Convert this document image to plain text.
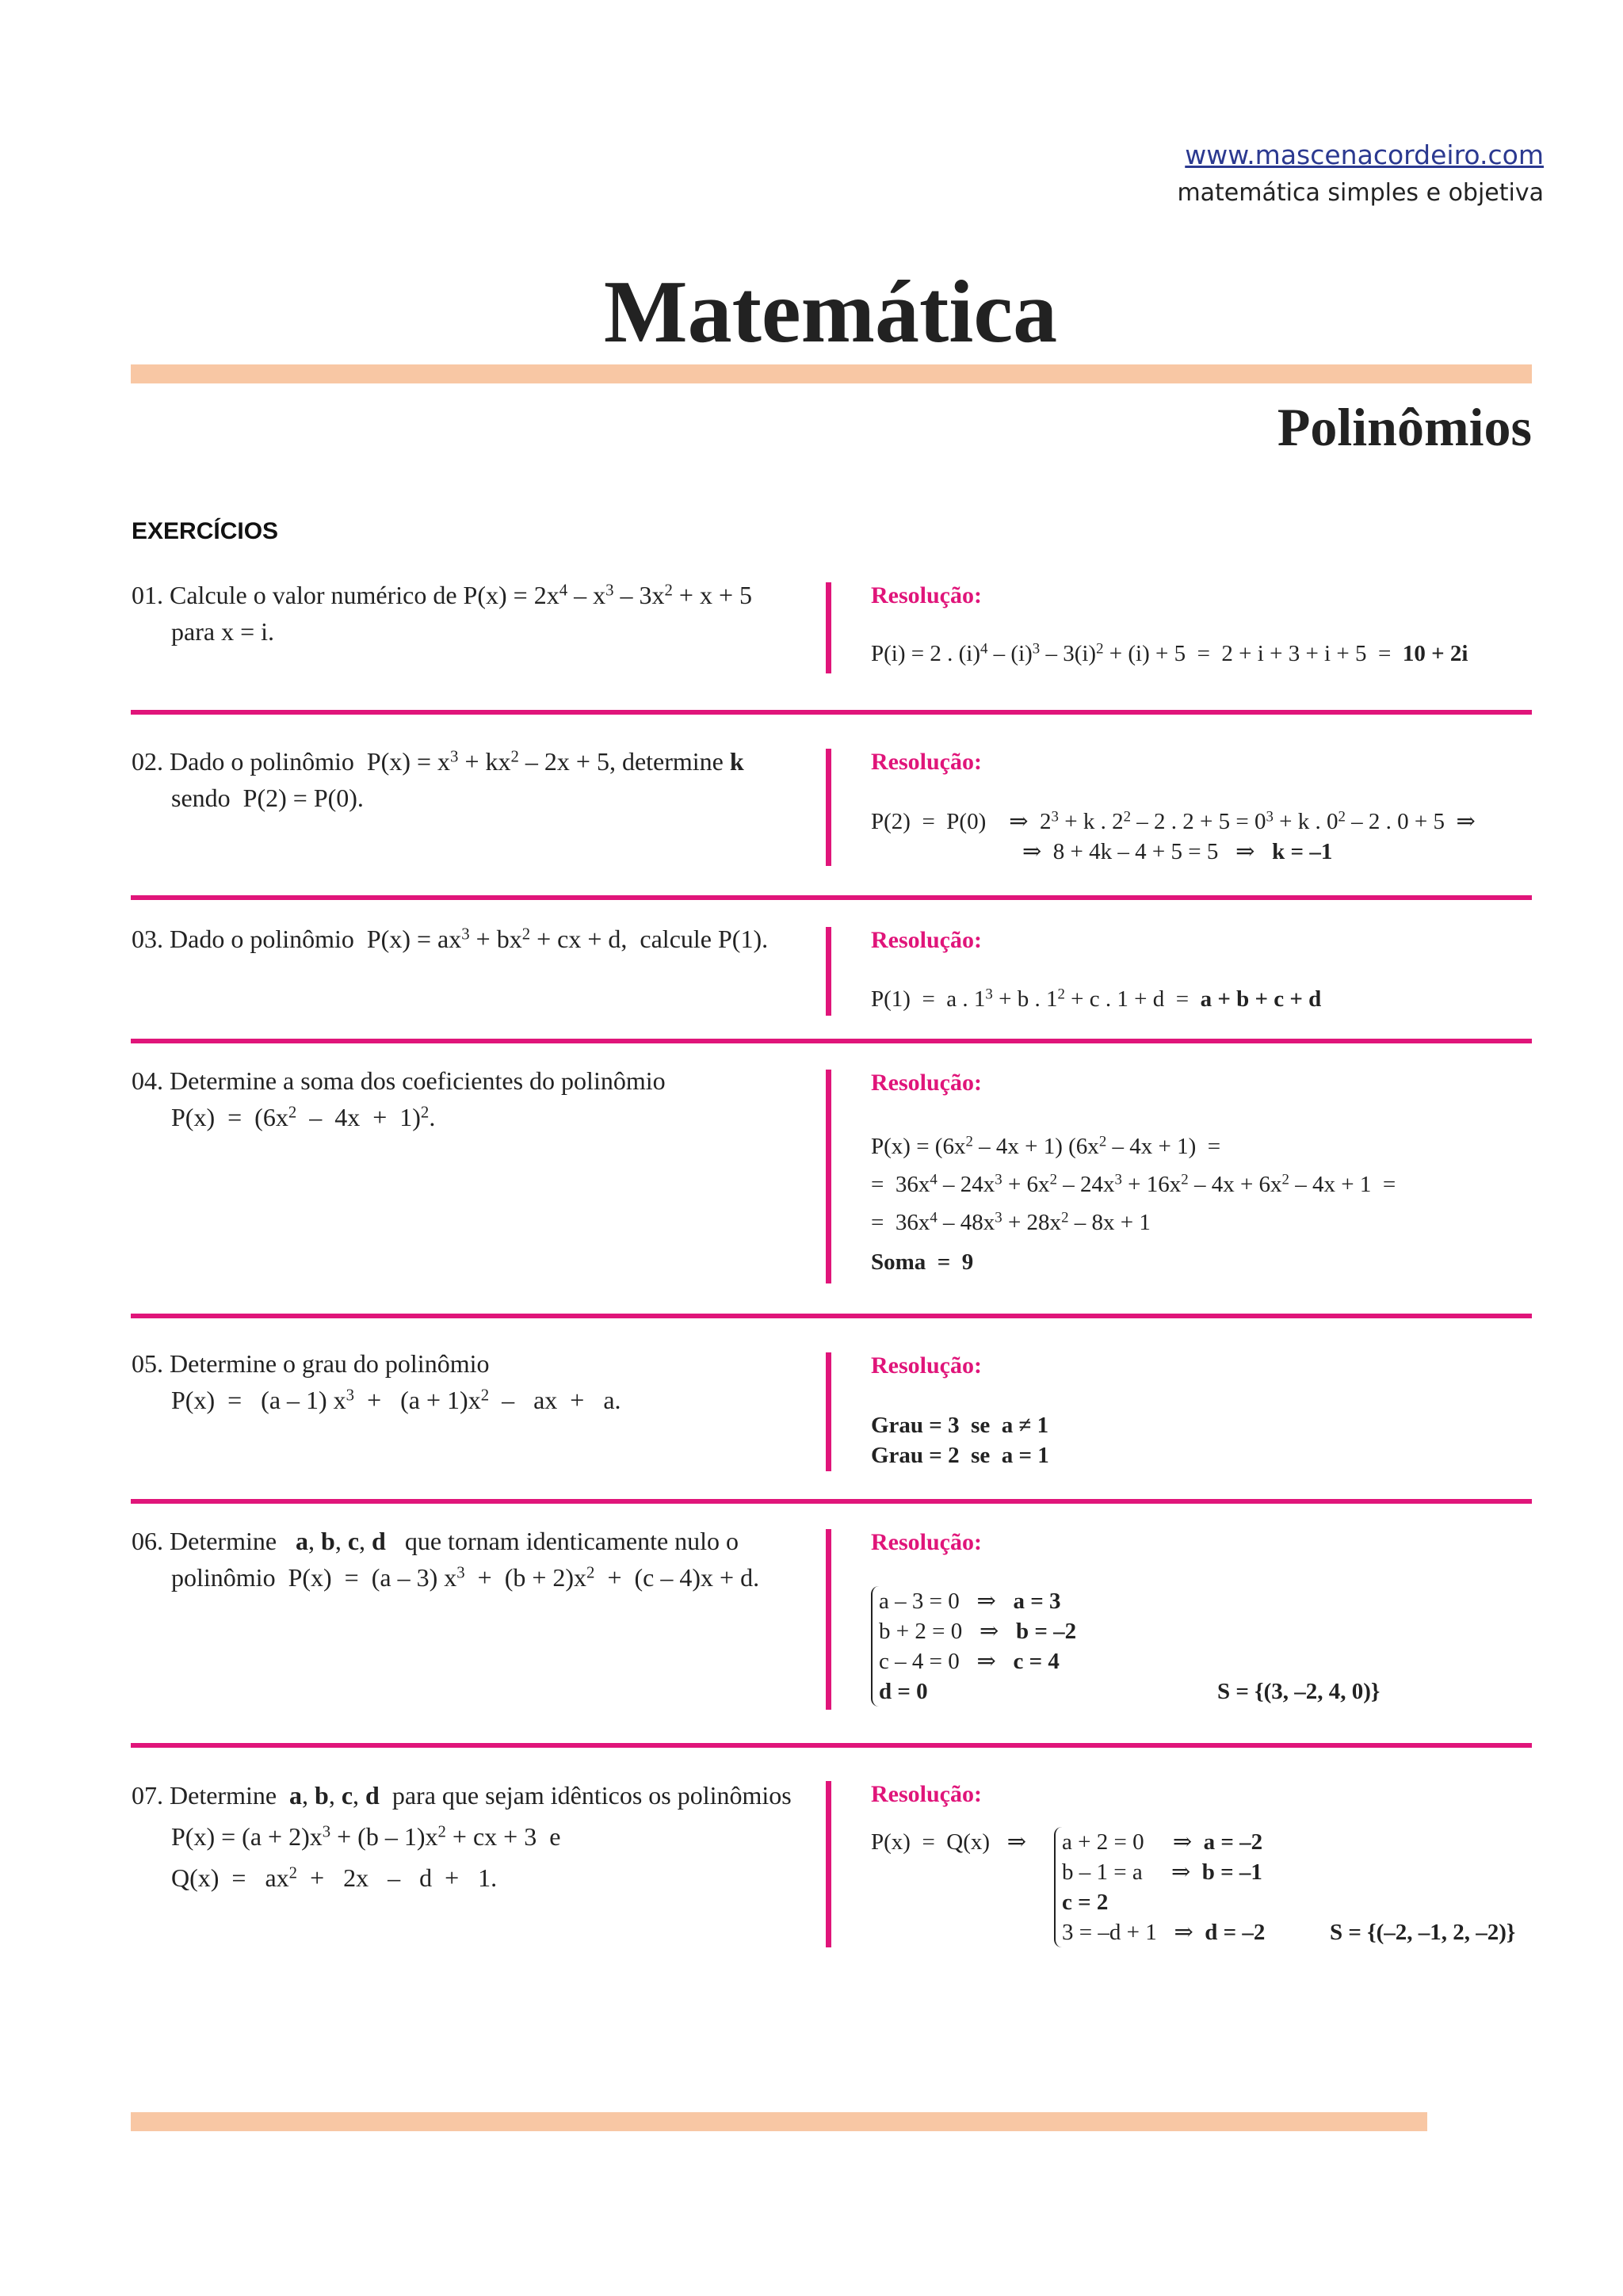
www.mascenacordeiro.com
matemática simples e objetiva
Matemática
Polinômios
EXERCÍCIOS
01. Calcule o valor numérico de $P(x) = 2x^4 - x^3 - 3x^2 + x + 5$
para x = i.
Resolução:
P(i) = 2 . $(i)^4 - (i)^3 - 3(i)^2 + (i) + 5 = 2 + i + 3 + i + 5 = 10 + 2i$
02. Dado o polinômio  $P(x) = x^3 + kx^2 - 2x + 5$, determine k
sendo  P(2) = P(0).
Resolução:
P(2)  =  P(0)    ⇒  $2^3 + k$ . $2^2 - 2$ . $2 + 5 = 0^3 + k$ . $0^2 - 2$ . 0 + 5  ⇒
⇒  8 + 4k – 4 + 5 = 5   ⇒   k = –1
03. Dado o polinômio  $P(x) = ax^3 + bx^2$ + cx + d,  calcule P(1).	Resolução:
P(1)  =  a . $1^3 + b$ . $1^2 + c$ . 1 + d  =  a + b + c + d
04. Determine a soma dos coeficientes do polinômio
$P(x) = (6x^2 - 4x + 1)^2$.
Resolução:
$P(x) = (6x^2 - 4x + 1)$ $(6x^2 - 4x + 1)$  =
=  $36x^4 - 24x^3 + 6x^2 - 24x^3 + 16x^2 - 4x + 6x^2 - 4x + 1$  =
=  $36x^4 - 48x^3 + 28x^2 - 8x + 1$
Soma  =  9
05. Determine o grau do polinômio
P(x)  =   (a – 1) $x^3 + (a + 1)x^2$  –   ax  +   a.
Resolução:
Grau = 3  se  a ≠ 1
Grau = 2  se  a = 1
06. Determine   a, b, c, d   que tornam identicamente nulo o
polinômio  P(x)  =  (a – 3) $x^3 + (b + 2)x^2 + (c - 4)x + d$.
Resolução:
a – 3 = 0   ⇒   a = 3
b + 2 = 0   ⇒   b = –2
c – 4 = 0   ⇒   c = 4
d = 0	S = {(3, –2, 4, 0)}
07. Determine  a, b, c, d  para que sejam idênticos os polinômios
$P(x) = (a + 2)x^3 + (b - 1)x^2$ + cx + 3  e
$Q(x) = ax^2 + 2x - d + 1$.
Resolução:
P(x)  =  Q(x)   ⇒	a + 2 = 0     ⇒  a = –2
b – 1 = a     ⇒  b = –1
c = 2
3 = –d + 1   ⇒  d = –2	S = {(–2, –1, 2, –2)}
